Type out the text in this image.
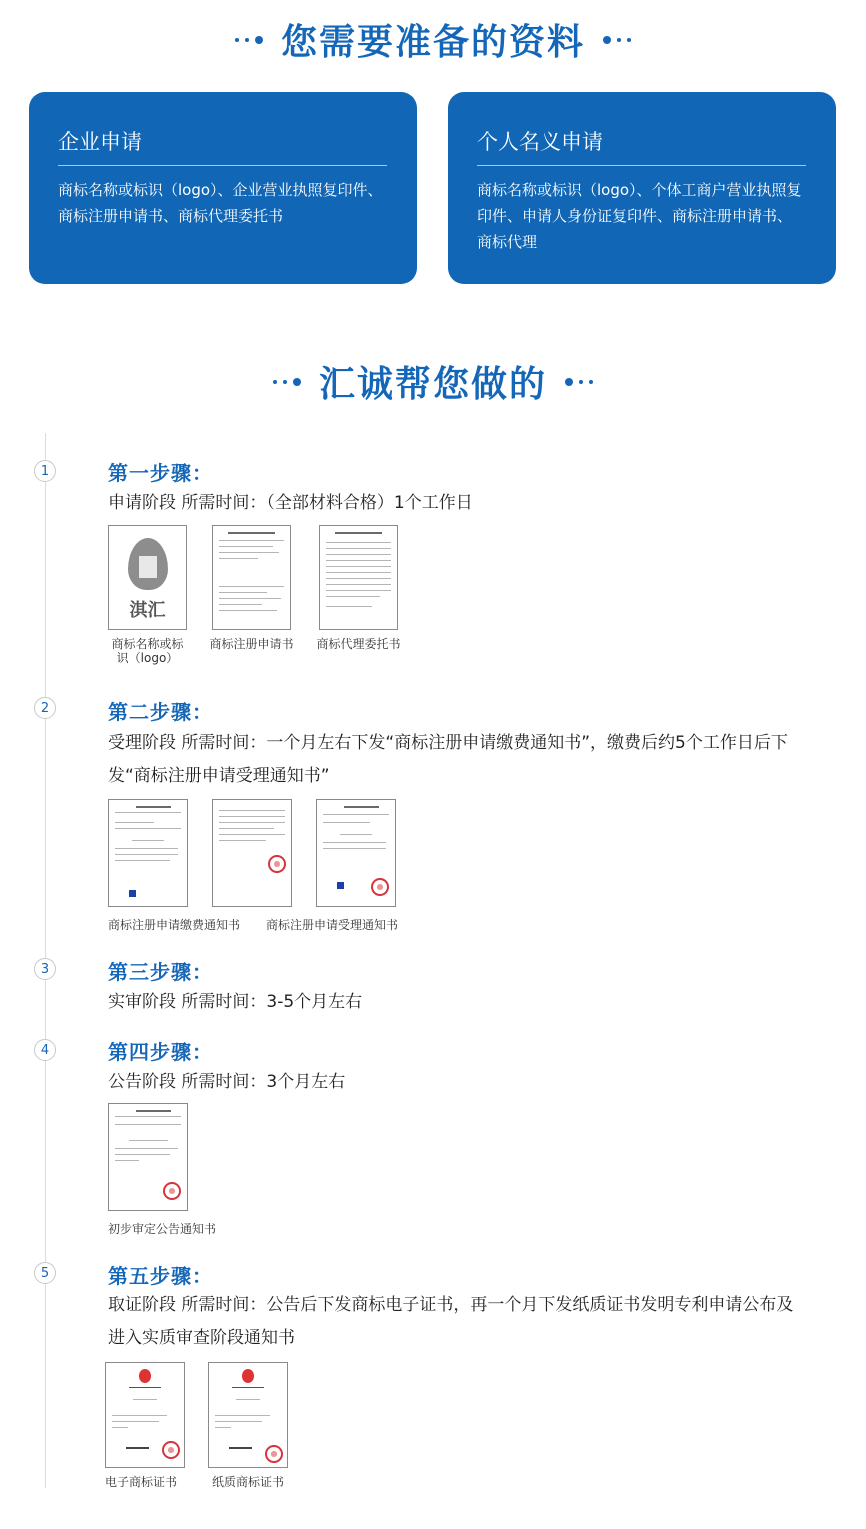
您需要准备的资料
企业申请
商标名称或标识（logo）、企业营业执照复印件、商标注册申请书、商标代理委托书
个人名义申请
商标名称或标识（logo）、个体工商户营业执照复印件、申请人身份证复印件、商标注册申请书、商标代理
汇诚帮您做的
1	第一步骤：
申请阶段 所需时间：（全部材料合格）1个工作日
淇汇
商标名称或标识（logo）
商标注册申请书	商标代理委托书
2	第二步骤：
受理阶段 所需时间：一个月左右下发“商标注册申请缴费通知书”，缴费后约5个工作日后下发“商标注册申请受理通知书”
商标注册申请缴费通知书 商标注册申请受理通知书
3	第三步骤：
实审阶段 所需时间：3-5个月左右
4	第四步骤：
公告阶段 所需时间：3个月左右
初步审定公告通知书
5	第五步骤：
取证阶段 所需时间：公告后下发商标电子证书，再一个月下发纸质证书发明专利申请公布及进入实质审查阶段通知书
电子商标证书	纸质商标证书
